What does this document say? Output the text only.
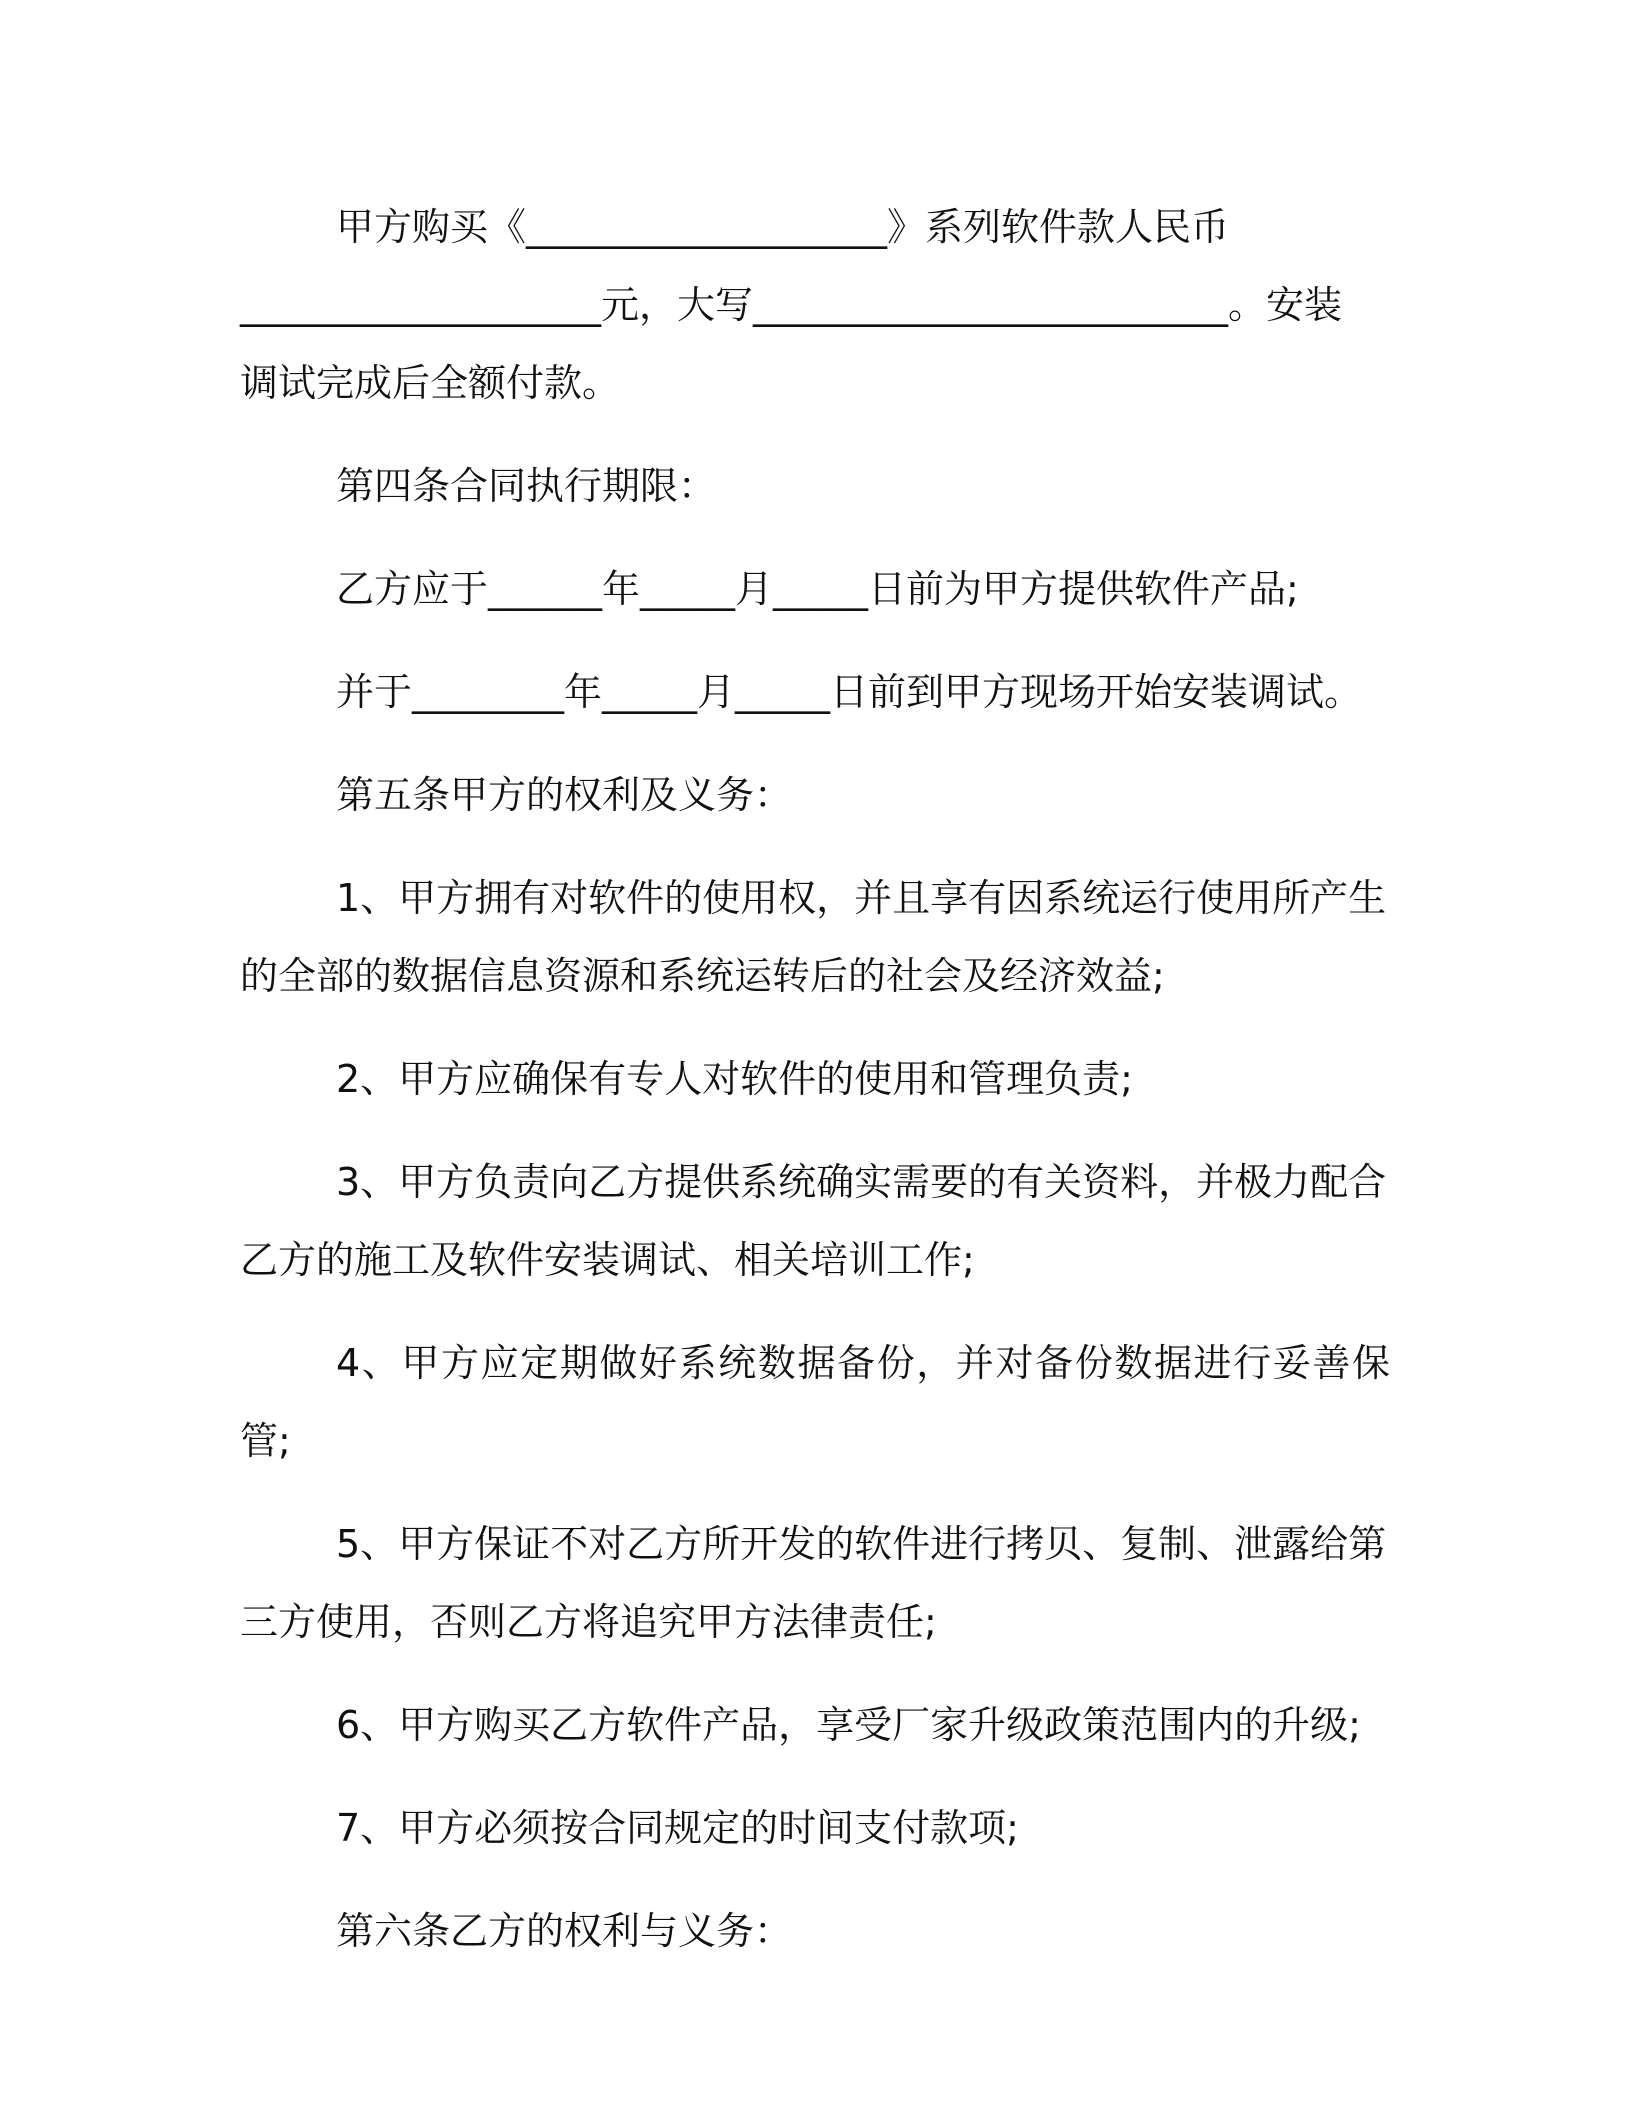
甲方购买《___________________》系列软件款人民币
___________________元，大写_________________________。安装
调试完成后全额付款。
第四条合同执行期限：
乙方应于______年_____月_____日前为甲方提供软件产品;
并于________年_____月_____日前到甲方现场开始安装调试。
第五条甲方的权利及义务：
1、甲方拥有对软件的使用权，并且享有因系统运行使用所产生
的全部的数据信息资源和系统运转后的社会及经济效益;
2、甲方应确保有专人对软件的使用和管理负责;
3、甲方负责向乙方提供系统确实需要的有关资料，并极力配合
乙方的施工及软件安装调试、相关培训工作;
4、甲方应定期做好系统数据备份，并对备份数据进行妥善保管;
5、甲方保证不对乙方所开发的软件进行拷贝、复制、泄露给第
三方使用，否则乙方将追究甲方法律责任;
6、甲方购买乙方软件产品，享受厂家升级政策范围内的升级;
7、甲方必须按合同规定的时间支付款项;
第六条乙方的权利与义务：
